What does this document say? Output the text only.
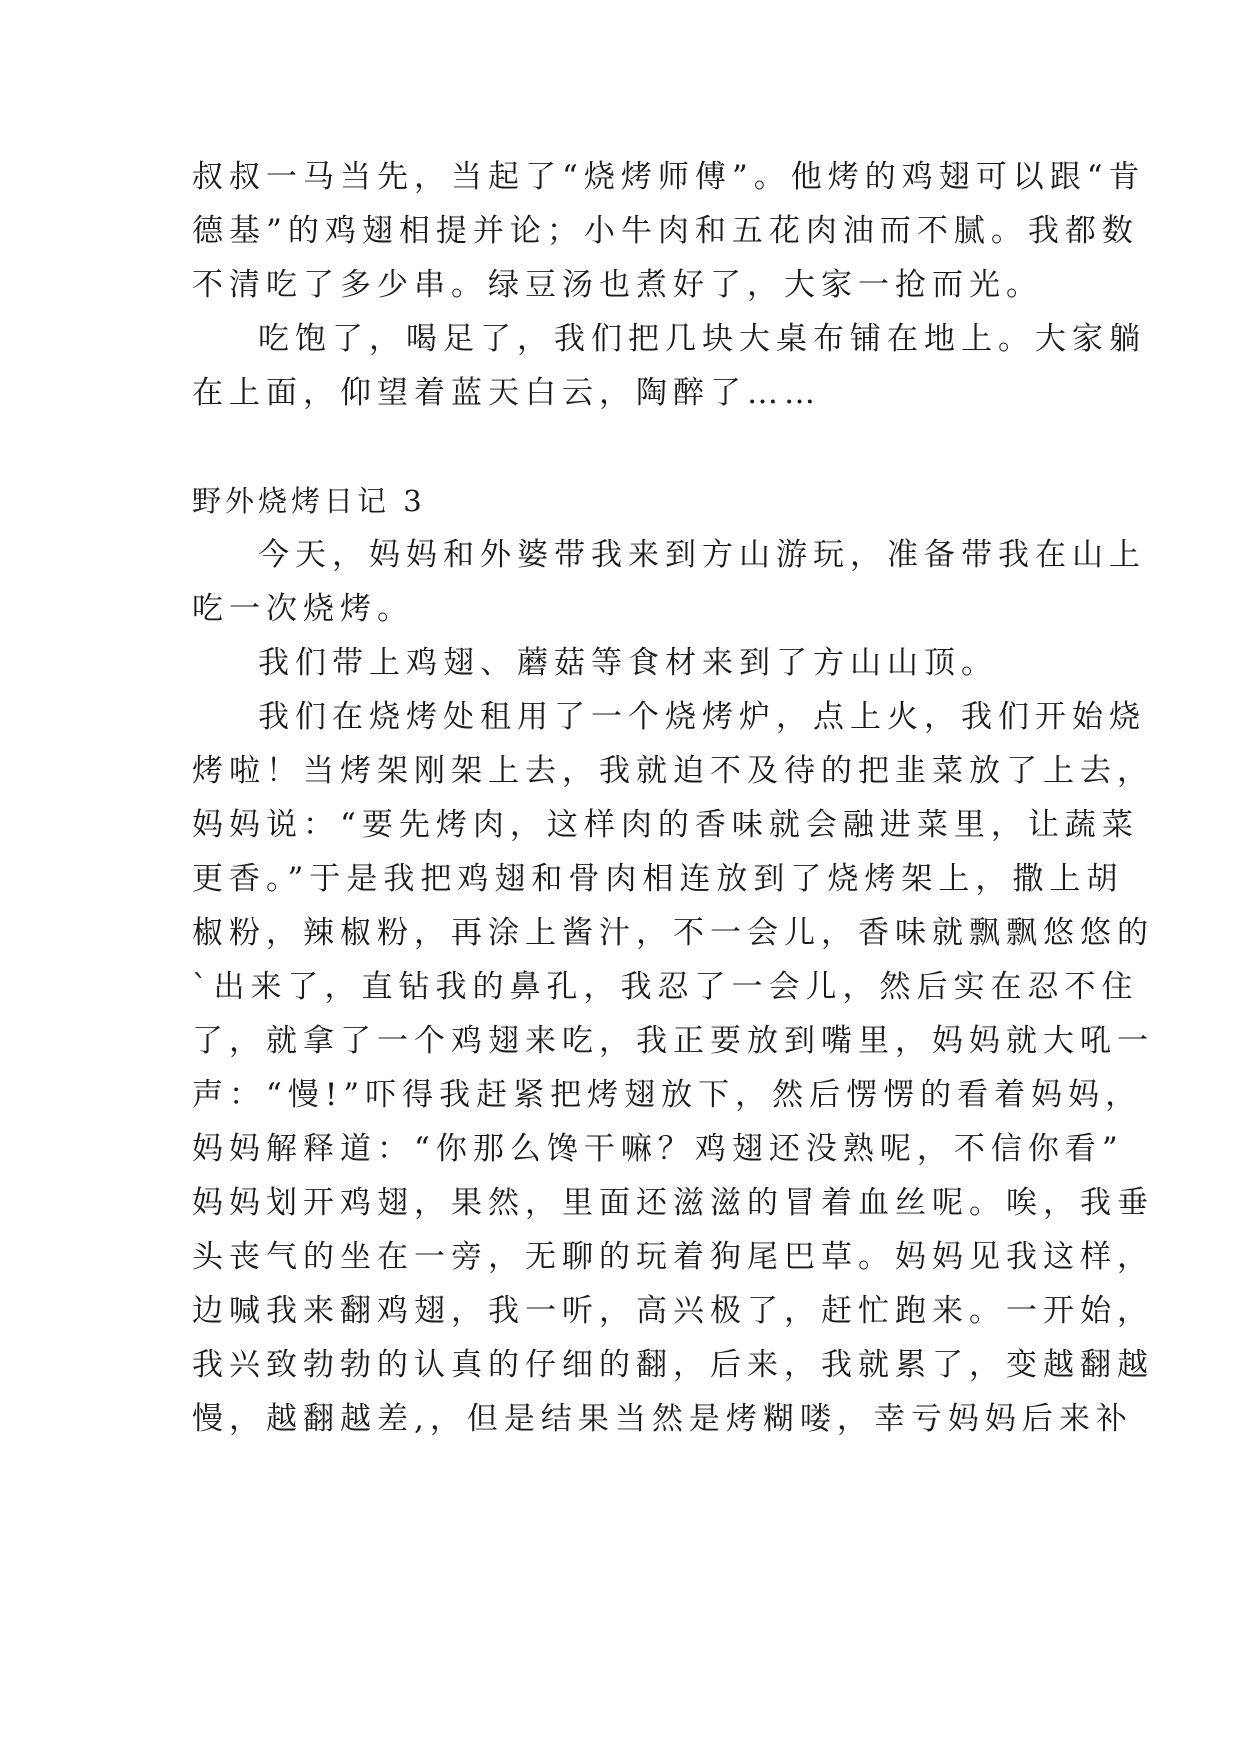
叔叔一马当先，当起了“烧烤师傅”。他烤的鸡翅可以跟“肯
德基”的鸡翅相提并论；小牛肉和五花肉油而不腻。我都数
不清吃了多少串。绿豆汤也煮好了，大家一抢而光。
吃饱了，喝足了，我们把几块大桌布铺在地上。大家躺
在上面，仰望着蓝天白云，陶醉了……
野外烧烤日记 3
今天，妈妈和外婆带我来到方山游玩，准备带我在山上
吃一次烧烤。
我们带上鸡翅、蘑菇等食材来到了方山山顶。
我们在烧烤处租用了一个烧烤炉，点上火，我们开始烧
烤啦！当烤架刚架上去，我就迫不及待的把韭菜放了上去，
妈妈说：“要先烤肉，这样肉的香味就会融进菜里，让蔬菜
更香。”于是我把鸡翅和骨肉相连放到了烧烤架上，撒上胡
椒粉，辣椒粉，再涂上酱汁，不一会儿，香味就飘飘悠悠的
`出来了，直钻我的鼻孔，我忍了一会儿，然后实在忍不住
了，就拿了一个鸡翅来吃，我正要放到嘴里，妈妈就大吼一
声：“慢!”吓得我赶紧把烤翅放下，然后愣愣的看着妈妈，
妈妈解释道：“你那么馋干嘛？鸡翅还没熟呢，不信你看”
妈妈划开鸡翅，果然，里面还滋滋的冒着血丝呢。唉，我垂
头丧气的坐在一旁，无聊的玩着狗尾巴草。妈妈见我这样，
边喊我来翻鸡翅，我一听，高兴极了，赶忙跑来。一开始，
我兴致勃勃的认真的仔细的翻，后来，我就累了，变越翻越
慢，越翻越差,，但是结果当然是烤糊喽，幸亏妈妈后来补
